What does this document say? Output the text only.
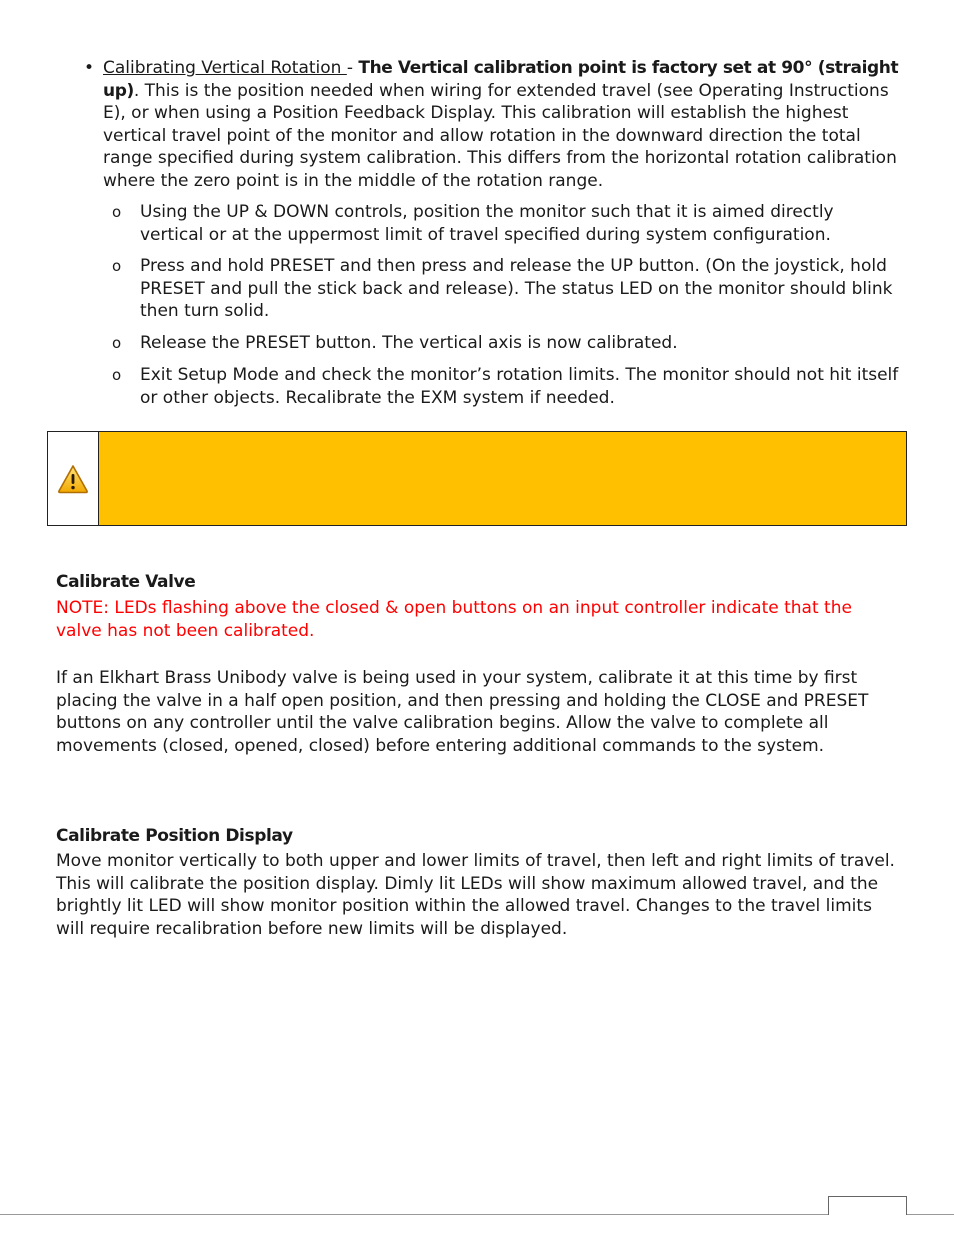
• Calibrating Vertical Rotation - The Vertical calibration point is factory set at 90° (straight up). This is the position needed when wiring for extended travel (see Operating Instructions E), or when using a Position Feedback Display. This calibration will establish the highest vertical travel point of the monitor and allow rotation in the downward direction the total range specified during system calibration. This differs from the horizontal rotation calibration where the zero point is in the middle of the rotation range.
o Using the UP & DOWN controls, position the monitor such that it is aimed directly vertical or at the uppermost limit of travel specified during system configuration.
o Press and hold PRESET and then press and release the UP button. (On the joystick, hold PRESET and pull the stick back and release). The status LED on the monitor should blink then turn solid.
o Release the PRESET button. The vertical axis is now calibrated.
o Exit Setup Mode and check the monitor’s rotation limits. The monitor should not hit itself or other objects. Recalibrate the EXM system if needed.
Calibrate Valve
NOTE: LEDs flashing above the closed & open buttons on an input controller indicate that the valve has not been calibrated.
If an Elkhart Brass Unibody valve is being used in your system, calibrate it at this time by first placing the valve in a half open position, and then pressing and holding the CLOSE and PRESET buttons on any controller until the valve calibration begins. Allow the valve to complete all movements (closed, opened, closed) before entering additional commands to the system.
Calibrate Position Display
Move monitor vertically to both upper and lower limits of travel, then left and right limits of travel. This will calibrate the position display. Dimly lit LEDs will show maximum allowed travel, and the brightly lit LED will show monitor position within the allowed travel. Changes to the travel limits will require recalibration before new limits will be displayed.
